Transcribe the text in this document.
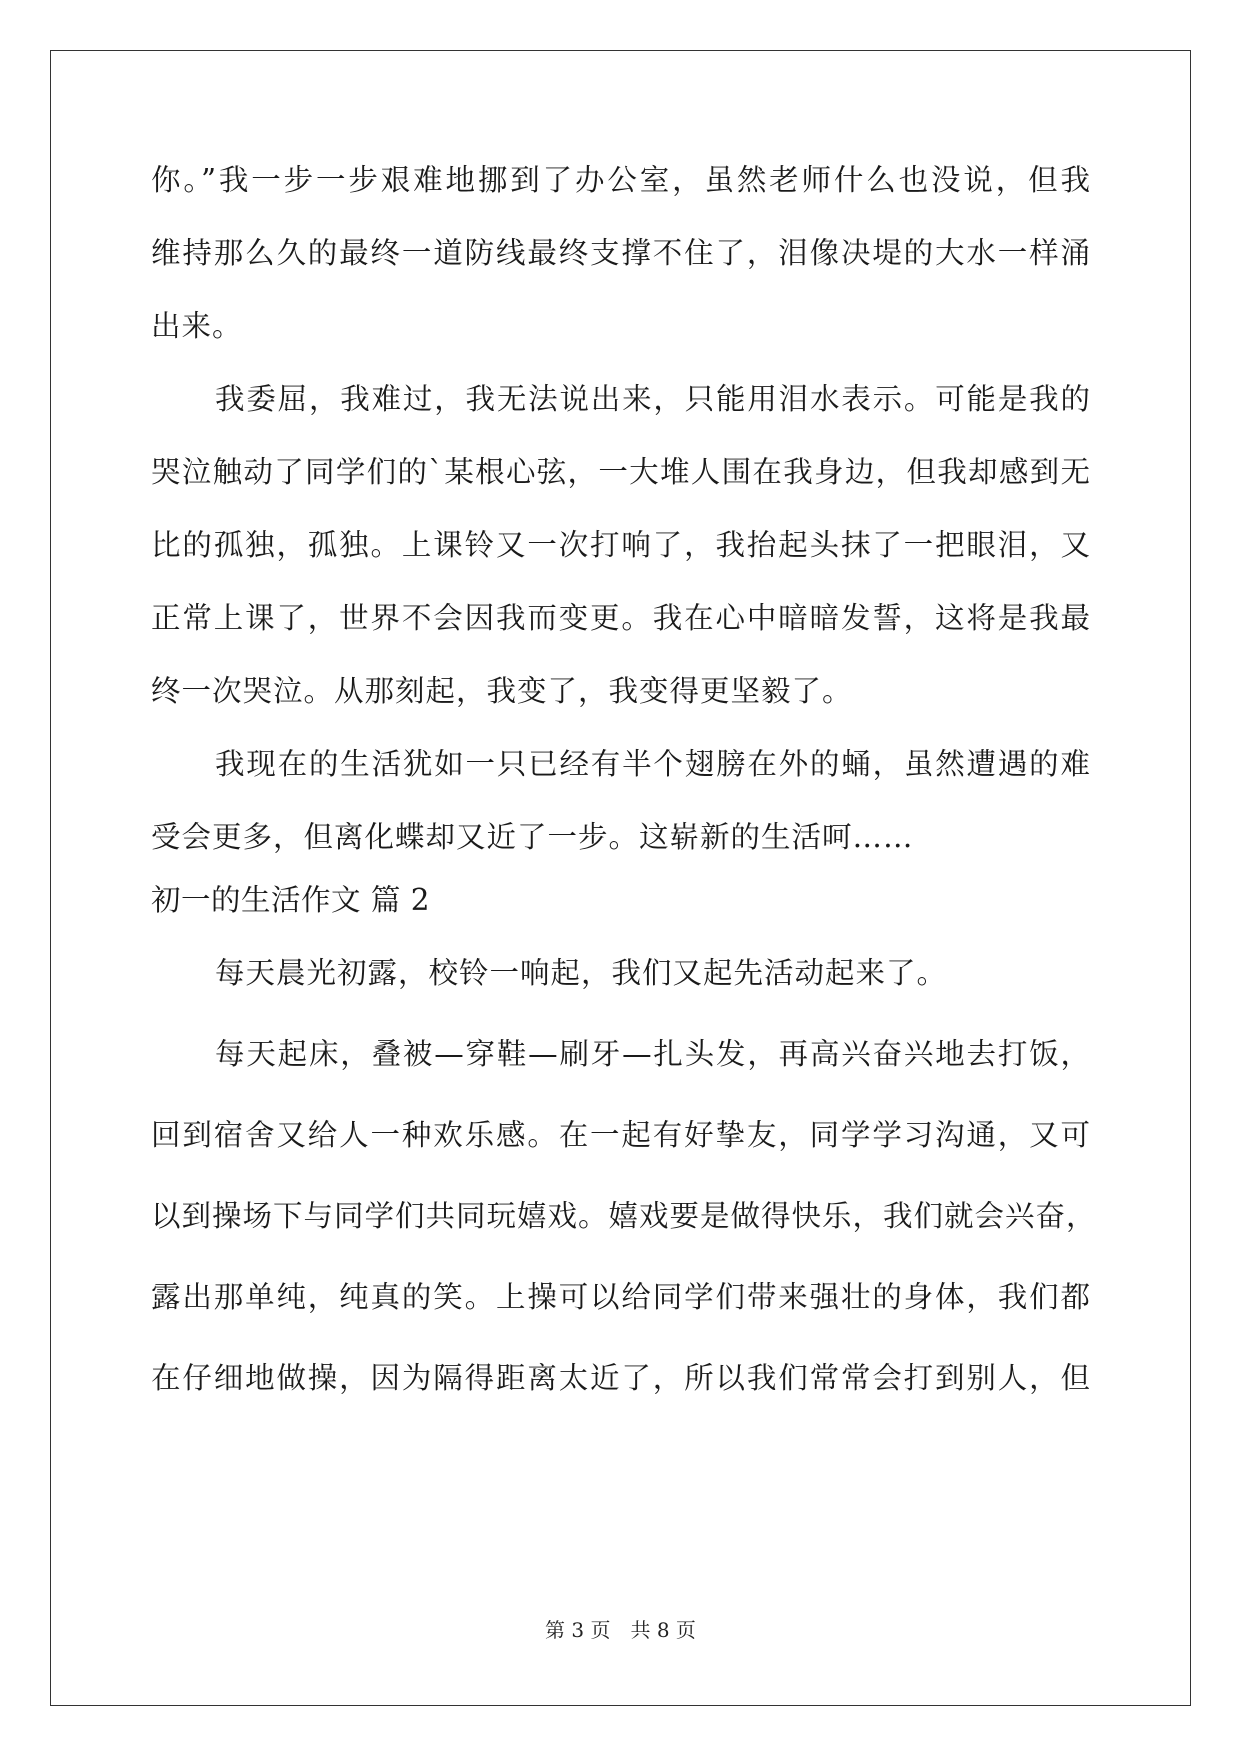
你。”我一步一步艰难地挪到了办公室，虽然老师什么也没说，但我
维持那么久的最终一道防线最终支撑不住了，泪像决堤的大水一样涌
出来。
我委屈，我难过，我无法说出来，只能用泪水表示。可能是我的
哭泣触动了同学们的`某根心弦，一大堆人围在我身边，但我却感到无
比的孤独，孤独。上课铃又一次打响了，我抬起头抹了一把眼泪，又
正常上课了，世界不会因我而变更。我在心中暗暗发誓，这将是我最
终一次哭泣。从那刻起，我变了，我变得更坚毅了。
我现在的生活犹如一只已经有半个翅膀在外的蛹，虽然遭遇的难
受会更多，但离化蝶却又近了一步。这崭新的生活呵……
初一的生活作文 篇 2
每天晨光初露，校铃一响起，我们又起先活动起来了。
每天起床，叠被—穿鞋—刷牙—扎头发，再高兴奋兴地去打饭，
回到宿舍又给人一种欢乐感。在一起有好挚友，同学学习沟通，又可
以到操场下与同学们共同玩嬉戏。嬉戏要是做得快乐，我们就会兴奋，
露出那单纯，纯真的笑。上操可以给同学们带来强壮的身体，我们都
在仔细地做操，因为隔得距离太近了，所以我们常常会打到别人，但
第 3 页　共 8 页
